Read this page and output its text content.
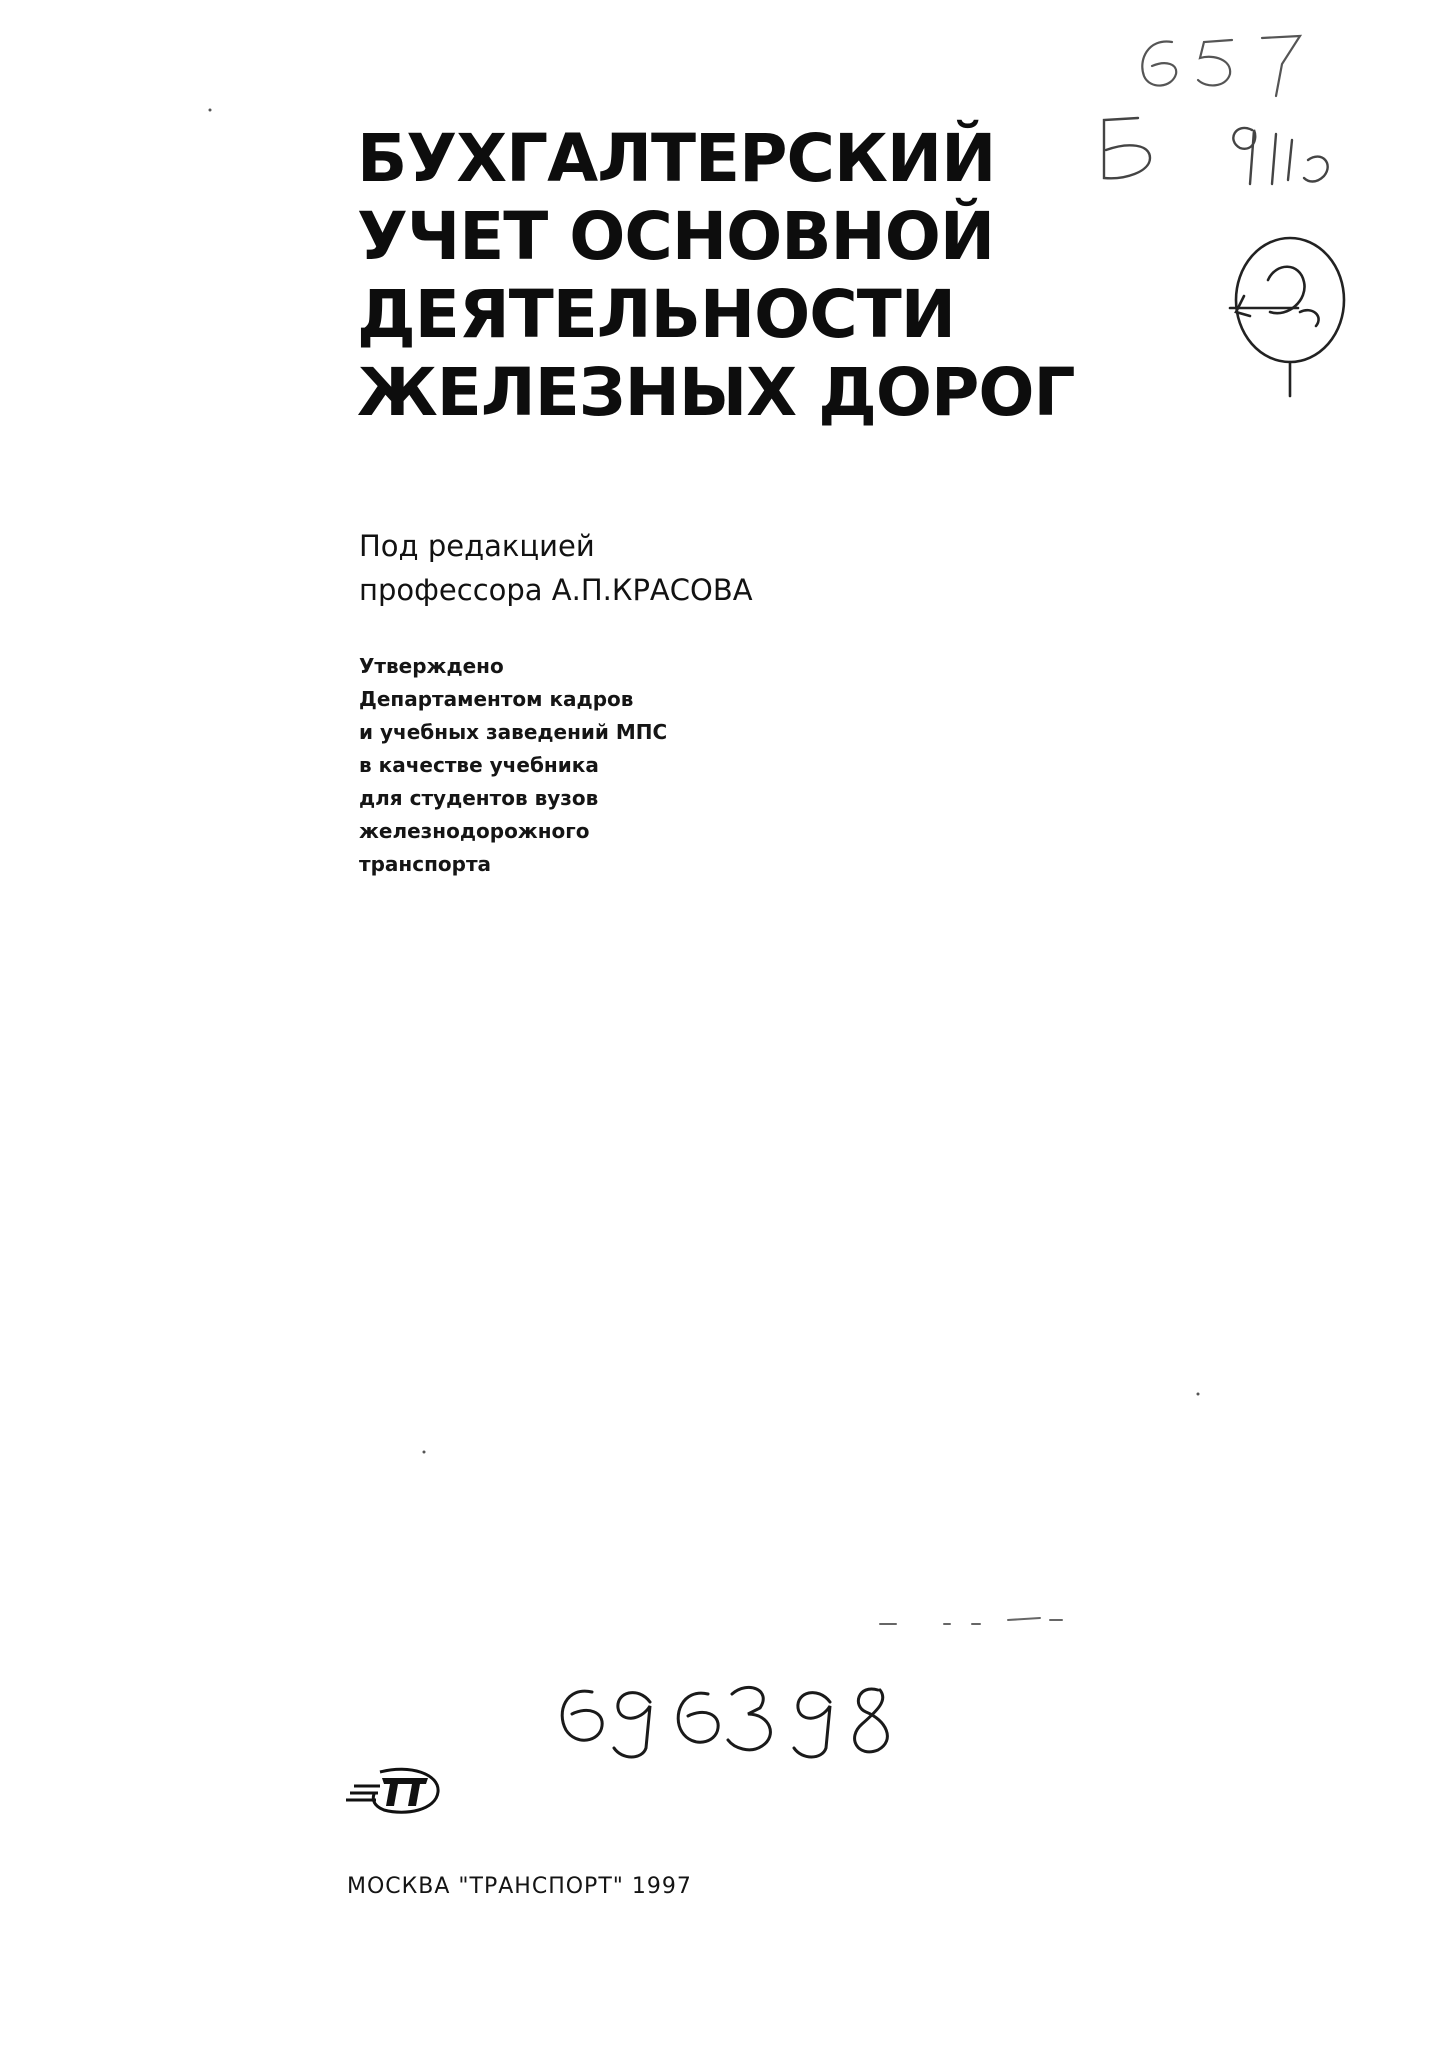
БУХГАЛТЕРСКИЙ
УЧЕТ ОСНОВНОЙ
ДЕЯТЕЛЬНОСТИ
ЖЕЛЕЗНЫХ ДОРОГ
Под редакцией
профессора А.П.КРАСОВА
Утверждено
Департаментом кадров
и учебных заведений МПС
в качестве учебника
для студентов вузов
железнодорожного
транспорта
МОСКВА "ТРАНСПОРТ" 1997
